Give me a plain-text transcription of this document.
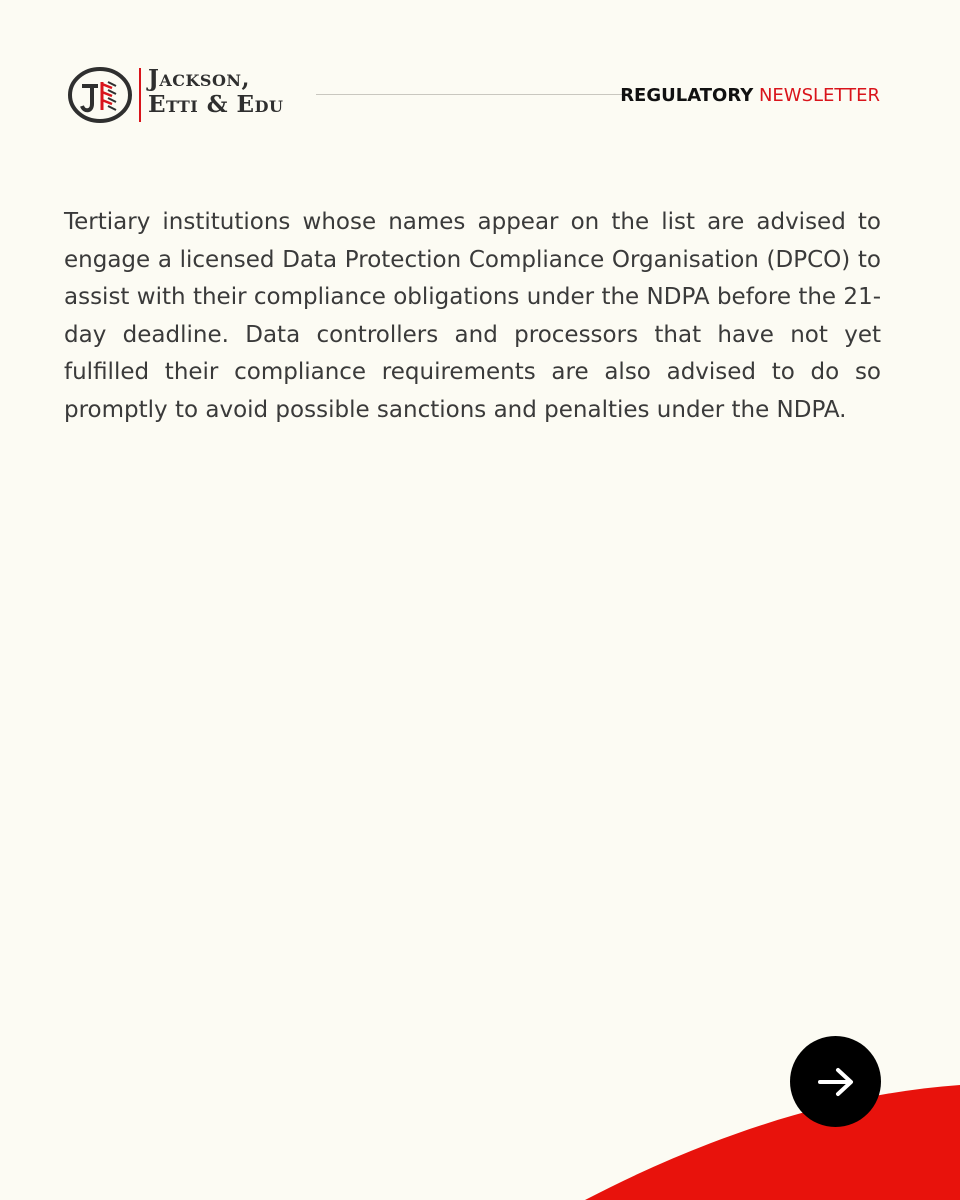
Jackson,
Etti & Edu	REGULATORY NEWSLETTER

Tertiary institutions whose names appear on the list are advised to engage a licensed Data Protection Compliance Organisation (DPCO) to assist with their compliance obligations under the NDPA before the 21-day deadline. Data controllers and processors that have not yet fulfilled their compliance requirements are also advised to do so promptly to avoid possible sanctions and penalties under the NDPA.
